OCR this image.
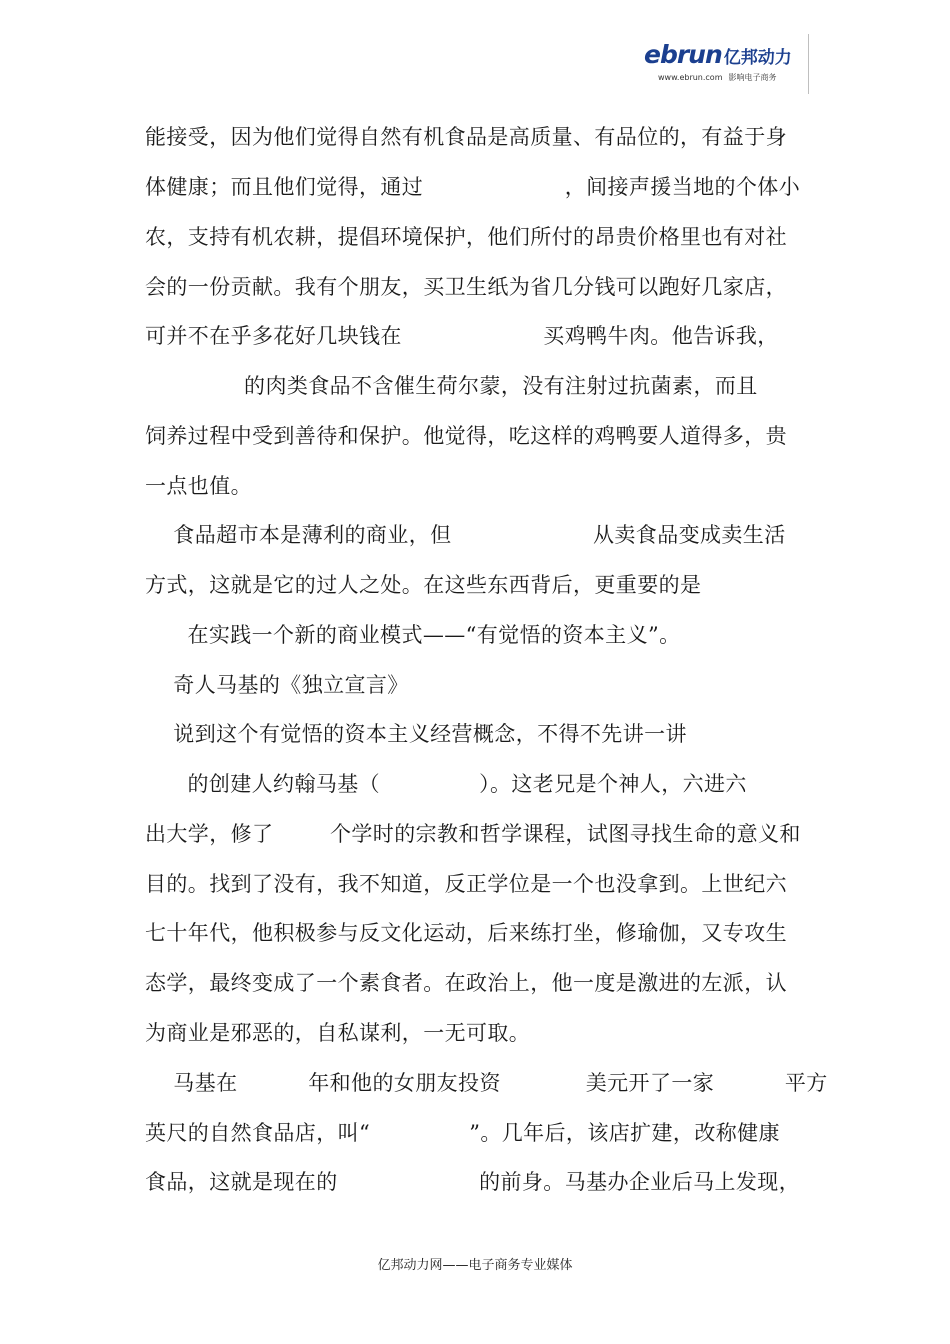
ebrun 亿邦动力
www.ebrun.com 影响电子商务
能接受，因为他们觉得自然有机食品是高质量、有品位的，有益于身
体健康；而且他们觉得，通过                    ，间接声援当地的个体小
农，支持有机农耕，提倡环境保护，他们所付的昂贵价格里也有对社
会的一份贡献。我有个朋友，买卫生纸为省几分钱可以跑好几家店，
可并不在乎多花好几块钱在                    买鸡鸭牛肉。他告诉我，
的肉类食品不含催生荷尔蒙，没有注射过抗菌素，而且
饲养过程中受到善待和保护。他觉得，吃这样的鸡鸭要人道得多，贵
一点也值。
食品超市本是薄利的商业，但                    从卖食品变成卖生活
方式，这就是它的过人之处。在这些东西背后，更重要的是
在实践一个新的商业模式——“有觉悟的资本主义”。
奇人马基的《独立宣言》
说到这个有觉悟的资本主义经营概念，不得不先讲一讲
的创建人约翰马基（              ）。这老兄是个神人，六进六
出大学，修了        个学时的宗教和哲学课程，试图寻找生命的意义和
目的。找到了没有，我不知道，反正学位是一个也没拿到。上世纪六
七十年代，他积极参与反文化运动，后来练打坐，修瑜伽，又专攻生
态学，最终变成了一个素食者。在政治上，他一度是激进的左派，认
为商业是邪恶的，自私谋利，一无可取。
马基在          年和他的女朋友投资            美元开了一家          平方
英尺的自然食品店，叫“              ”。几年后，该店扩建，改称健康
食品，这就是现在的                    的前身。马基办企业后马上发现，
亿邦动力网——电子商务专业媒体
